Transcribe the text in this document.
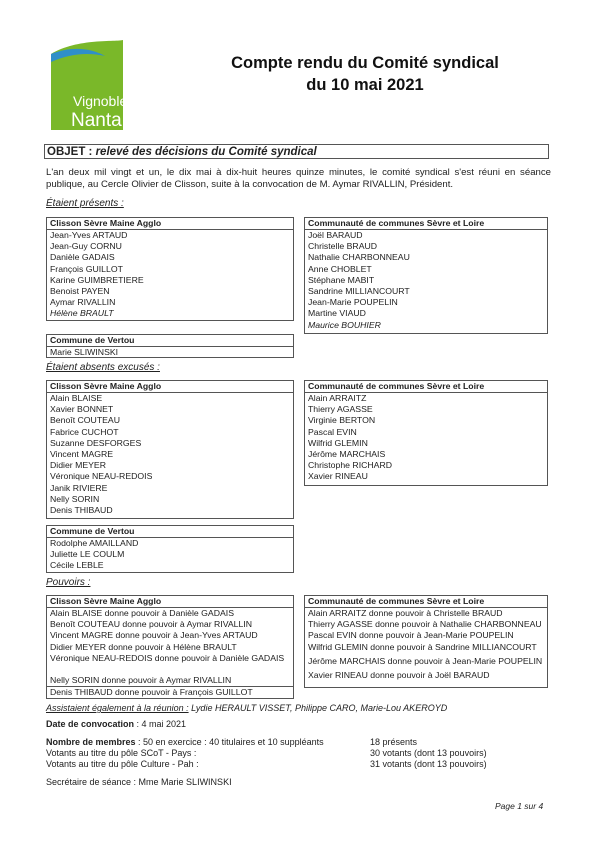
Vignoble
Nantais
Compte rendu du Comité syndical
du 10 mai 2021
OBJET : relevé des décisions du Comité syndical
L'an deux mil vingt et un, le dix mai à dix-huit heures quinze minutes, le comité syndical s'est réuni en séance publique, au Cercle Olivier de Clisson, suite à la convocation de M. Aymar RIVALLIN, Président.
Étaient présents :
Clisson Sèvre Maine Agglo
Jean-Yves ARTAUD
Jean-Guy CORNU
Danièle GADAIS
François GUILLOT
Karine GUIMBRETIERE
Benoist PAYEN
Aymar RIVALLIN
Hélène BRAULT
Communauté de communes Sèvre et Loire
Joël BARAUD
Christelle BRAUD
Nathalie CHARBONNEAU
Anne CHOBLET
Stéphane MABIT
Sandrine MILLIANCOURT
Jean-Marie POUPELIN
Martine VIAUD
Maurice BOUHIER
Commune de Vertou
Marie SLIWINSKI
Étaient absents excusés :
Clisson Sèvre Maine Agglo
Alain BLAISE
Xavier BONNET
Benoît COUTEAU
Fabrice CUCHOT
Suzanne DESFORGES
Vincent MAGRE
Didier MEYER
Véronique NEAU-REDOIS
Janik RIVIERE
Nelly SORIN
Denis THIBAUD
Communauté de communes Sèvre et Loire
Alain ARRAITZ
Thierry AGASSE
Virginie BERTON
Pascal EVIN
Wilfrid GLEMIN
Jérôme MARCHAIS
Christophe RICHARD
Xavier RINEAU
Commune de Vertou
Rodolphe AMAILLAND
Juliette LE COULM
Cécile LEBLE
Pouvoirs :
Clisson Sèvre Maine Agglo
Alain BLAISE donne pouvoir à Danièle GADAIS
Benoît COUTEAU donne pouvoir à Aymar RIVALLIN
Vincent MAGRE donne pouvoir à Jean-Yves ARTAUD
Didier MEYER donne pouvoir à Hélène BRAULT
Véronique NEAU-REDOIS donne pouvoir à Danièle GADAIS
Nelly SORIN donne pouvoir à Aymar RIVALLIN
Denis THIBAUD donne pouvoir à François GUILLOT
Communauté de communes Sèvre et Loire
Alain ARRAITZ donne pouvoir à Christelle BRAUD
Thierry AGASSE donne pouvoir à Nathalie CHARBONNEAU
Pascal EVIN donne pouvoir à Jean-Marie POUPELIN
Wilfrid GLEMIN donne pouvoir à Sandrine MILLIANCOURT
Jérôme MARCHAIS donne pouvoir à Jean-Marie POUPELIN
Xavier RINEAU donne pouvoir à Joël BARAUD
Assistaient également à la réunion : Lydie HERAULT VISSET, Philippe CARO, Marie-Lou AKEROYD
Date de convocation : 4 mai 2021
Nombre de membres : 50 en exercice : 40 titulaires et 10 suppléants	18 présents
Votants au titre du pôle SCoT - Pays :	30 votants (dont 13 pouvoirs)
Votants au titre du pôle Culture - Pah :	31 votants (dont 13 pouvoirs)
Secrétaire de séance : Mme Marie SLIWINSKI
Page 1 sur 4
